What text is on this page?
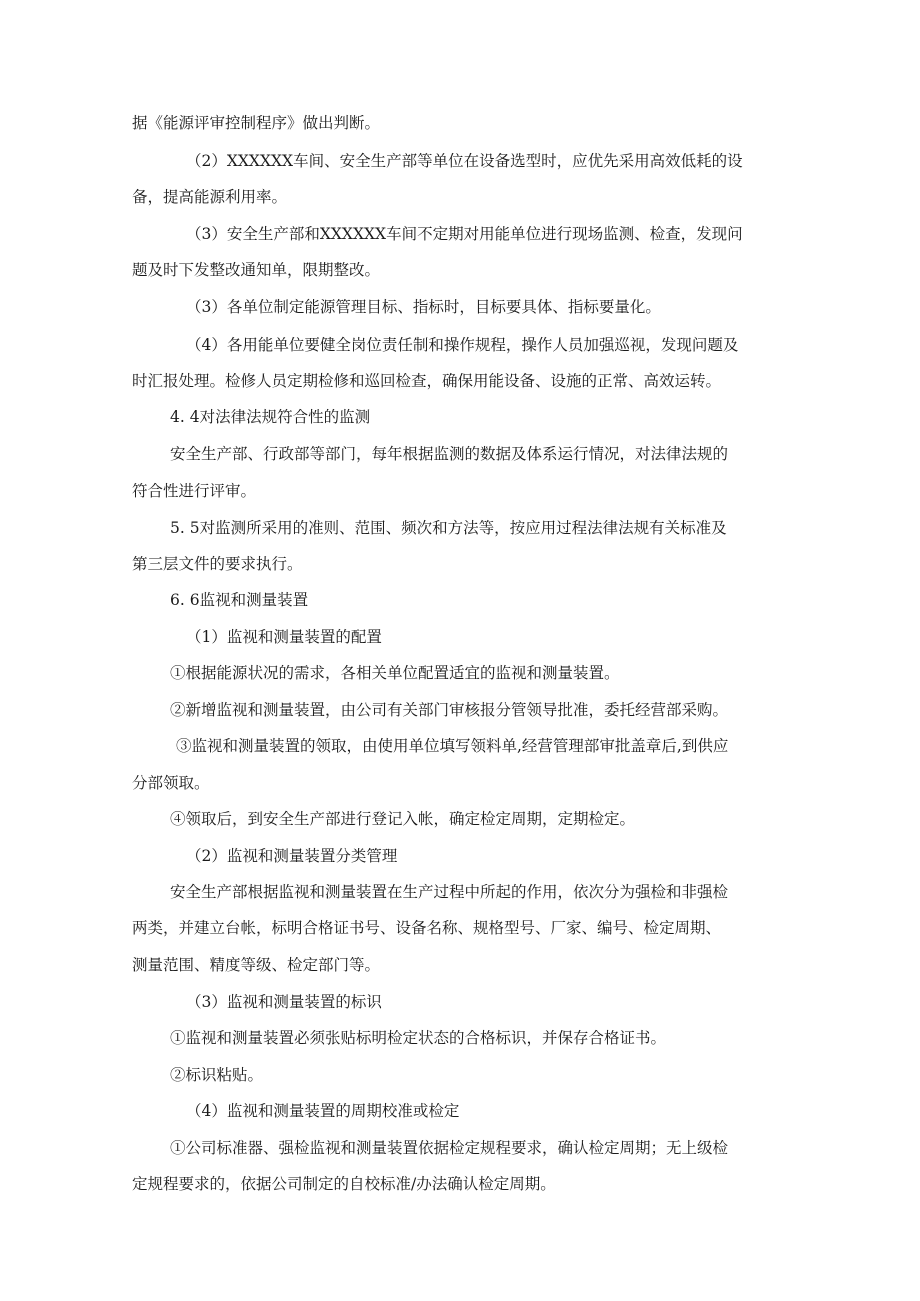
据《能源评审控制程序》做出判断。
（2）XXXXXX车间、安全生产部等单位在设备选型时，应优先采用高效低耗的设
备，提高能源利用率。
（3）安全生产部和XXXXXX车间不定期对用能单位进行现场监测、检查，发现问
题及时下发整改通知单，限期整改。
（3）各单位制定能源管理目标、指标时，目标要具体、指标要量化。
（4）各用能单位要健全岗位责任制和操作规程，操作人员加强巡视，发现问题及
时汇报处理。检修人员定期检修和巡回检查，确保用能设备、设施的正常、高效运转。
4. 4对法律法规符合性的监测
安全生产部、行政部等部门，每年根据监测的数据及体系运行情况，对法律法规的
符合性进行评审。
5. 5对监测所采用的准则、范围、频次和方法等，按应用过程法律法规有关标准及
第三层文件的要求执行。
6. 6监视和测量装置
（1）监视和测量装置的配置
①根据能源状况的需求，各相关单位配置适宜的监视和测量装置。
②新增监视和测量装置，由公司有关部门审核报分管领导批准，委托经营部采购。
③监视和测量装置的领取，由使用单位填写领料单,经营管理部审批盖章后,到供应
分部领取。
④领取后，到安全生产部进行登记入帐，确定检定周期，定期检定。
（2）监视和测量装置分类管理
安全生产部根据监视和测量装置在生产过程中所起的作用，依次分为强检和非强检
两类，并建立台帐，标明合格证书号、设备名称、规格型号、厂家、编号、检定周期、
测量范围、精度等级、检定部门等。
（3）监视和测量装置的标识
①监视和测量装置必须张贴标明检定状态的合格标识，并保存合格证书。
②标识粘贴。
（4）监视和测量装置的周期校准或检定
①公司标准器、强检监视和测量装置依据检定规程要求，确认检定周期；无上级检
定规程要求的，依据公司制定的自校标准/办法确认检定周期。
